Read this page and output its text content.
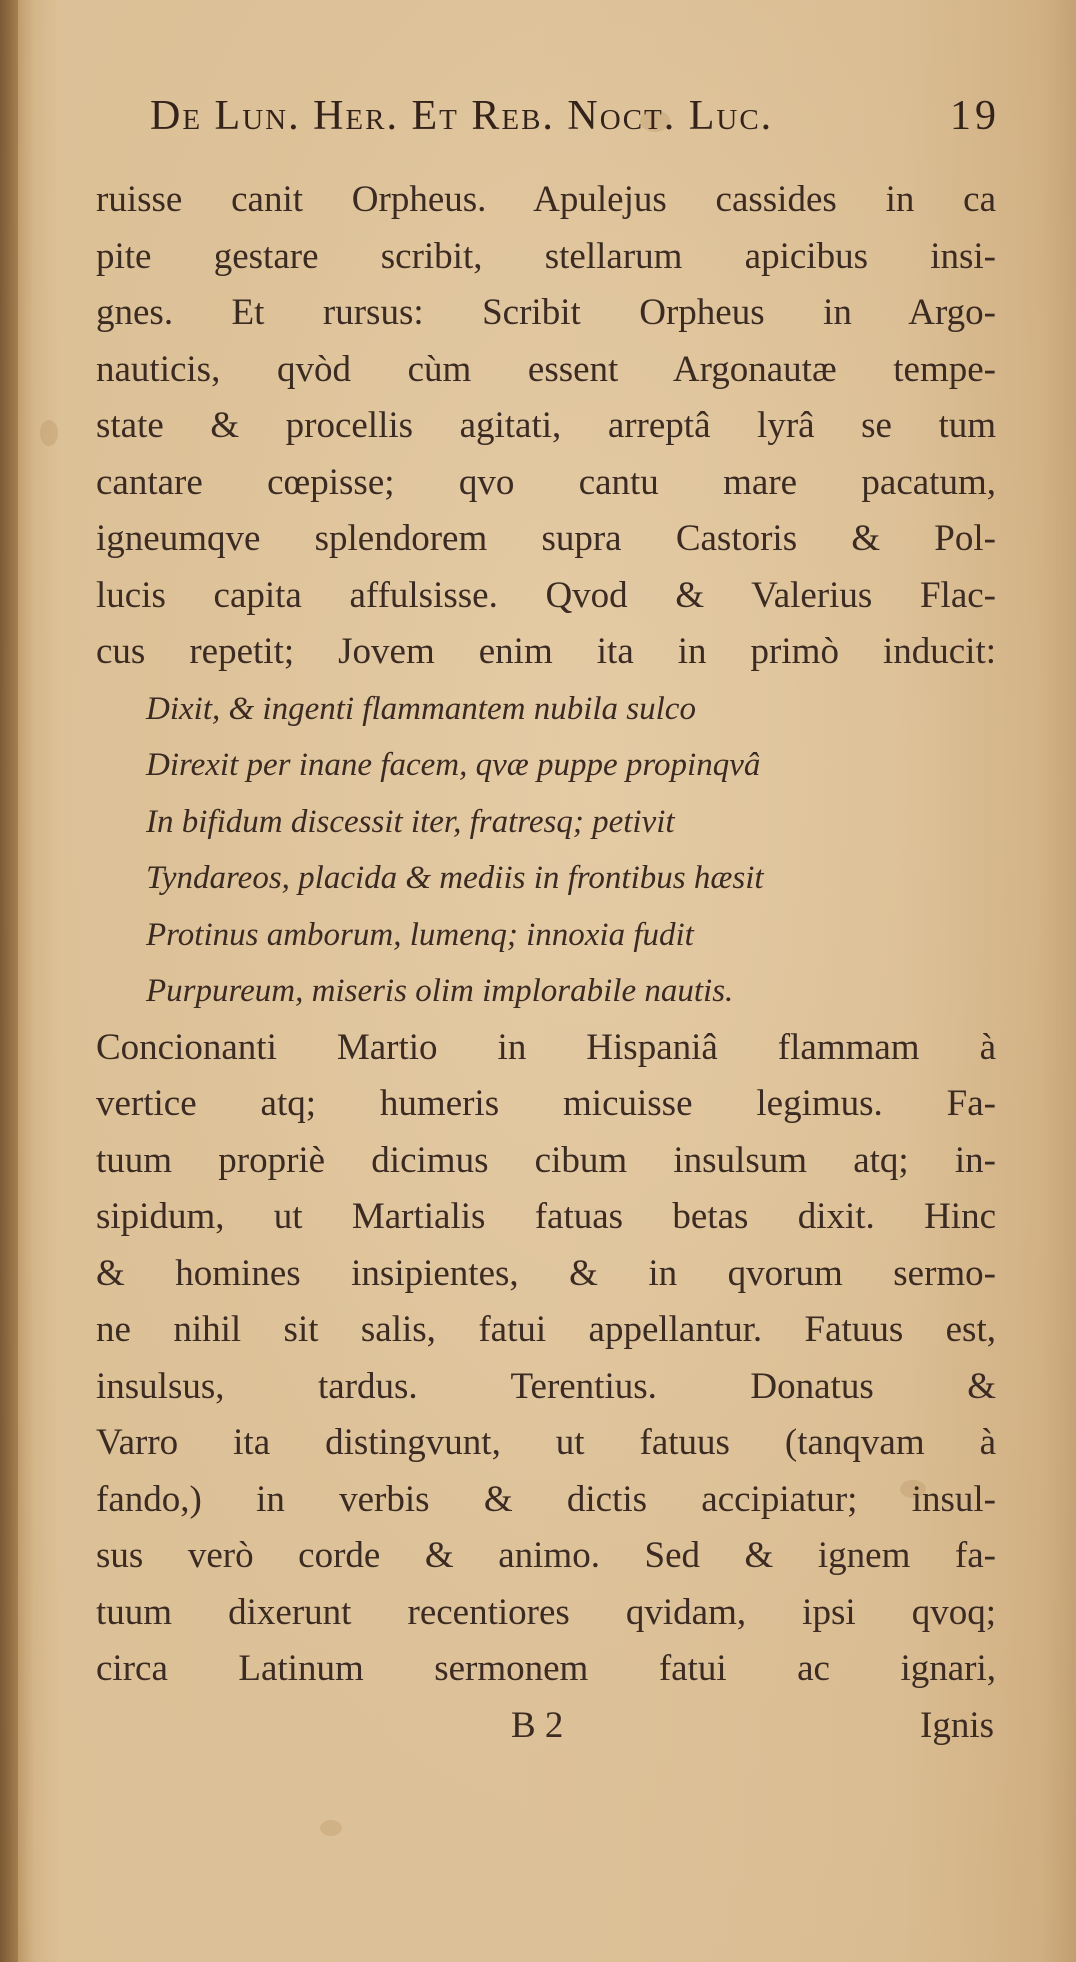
De Lun. Her. Et Reb. Noct. Luc.	19
ruisse canit Orpheus. Apulejus cassides in ca
pite gestare scribit, stellarum apicibus insi-
gnes. Et rursus: Scribit Orpheus in Argo-
nauticis, qvòd cùm essent Argonautæ tempe-
state & procellis agitati, arreptâ lyrâ se tum
cantare cœpisse; qvo cantu mare pacatum,
igneumqve splendorem supra Castoris & Pol-
lucis capita affulsisse. Qvod & Valerius Flac-
cus repetit; Jovem enim ita in primò inducit:
Dixit, & ingenti flammantem nubila sulco
Direxit per inane facem, qvæ puppe propinqvâ
In bifidum discessit iter, fratresq; petivit
Tyndareos, placida & mediis in frontibus hæsit
Protinus amborum, lumenq; innoxia fudit
Purpureum, miseris olim implorabile nautis.
Concionanti Martio in Hispaniâ flammam à
vertice atq; humeris micuisse legimus. Fa-
tuum propriè dicimus cibum insulsum atq; in-
sipidum, ut Martialis fatuas betas dixit. Hinc
& homines insipientes, & in qvorum sermo-
ne nihil sit salis, fatui appellantur. Fatuus est,
insulsus, tardus. Terentius. Donatus &
Varro ita distingvunt, ut fatuus (tanqvam à
fando,) in verbis & dictis accipiatur; insul-
sus verò corde & animo. Sed & ignem fa-
tuum dixerunt recentiores qvidam, ipsi qvoq;
circa Latinum sermonem fatui ac ignari,
B 2	Ignis
